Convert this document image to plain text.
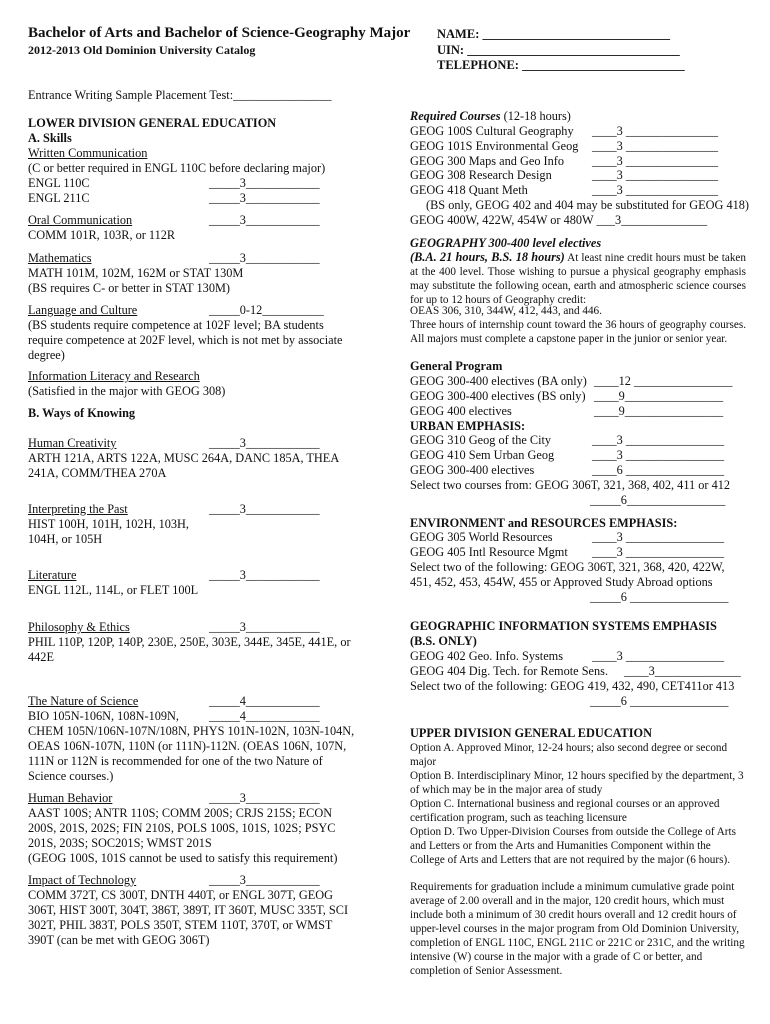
Bachelor of Arts and Bachelor of Science-Geography Major
2012-2013 Old Dominion University Catalog
NAME: ______________________________
UIN: __________________________________
TELEPHONE: __________________________
Entrance Writing Sample Placement Test:________________
LOWER DIVISION GENERAL EDUCATION
A. Skills
Written Communication
(C or better required in ENGL 110C before declaring major)
ENGL 110C	_____3____________
ENGL 211C	_____3____________
Oral Communication	_____3____________
COMM 101R, 103R, or 112R
Mathematics	_____3____________
MATH 101M, 102M, 162M or STAT 130M
(BS requires C- or better in STAT 130M)
Language and Culture	_____0-12__________
(BS students require competence at 102F level; BA students
require competence at 202F level, which is not met by associate
degree)
Information Literacy and Research
(Satisfied in the major with GEOG 308)
B. Ways of Knowing
Human Creativity	_____3____________
ARTH 121A, ARTS 122A, MUSC 264A, DANC 185A, THEA
241A, COMM/THEA 270A
Interpreting the Past	_____3____________
HIST 100H, 101H, 102H, 103H,
104H, or 105H
Literature	_____3____________
ENGL 112L, 114L, or FLET 100L
Philosophy & Ethics	_____3____________
PHIL 110P, 120P, 140P, 230E, 250E, 303E, 344E, 345E, 441E, or
442E
The Nature of Science	_____4____________
BIO 105N-106N, 108N-109N, _____4____________
CHEM 105N/106N-107N/108N, PHYS 101N-102N, 103N-104N,
OEAS 106N-107N, 110N (or 111N)-112N. (OEAS 106N, 107N,
111N or 112N is recommended for one of the two Nature of
Science courses.)
Human Behavior	_____3____________
AAST 100S; ANTR 110S; COMM 200S; CRJS 215S; ECON
200S, 201S, 202S; FIN 210S, POLS 100S, 101S, 102S; PSYC
201S, 203S; SOC201S; WMST 201S
(GEOG 100S, 101S cannot be used to satisfy this requirement)
Impact of Technology	_____3____________
COMM 372T, CS 300T, DNTH 440T, or ENGL 307T, GEOG
306T, HIST 300T, 304T, 386T, 389T, IT 360T, MUSC 335T, SCI
302T, PHIL 383T, POLS 350T, STEM 110T, 370T, or WMST
390T (can be met with GEOG 306T)
Required Courses (12-18 hours)
GEOG 100S Cultural Geography ____3 _______________
GEOG 101S Environmental Geog ____3 _______________
GEOG 300 Maps and Geo Info ____3 _______________
GEOG 308 Research Design	____3 _______________
GEOG 418 Quant Meth	____3 _______________
(BS only, GEOG 402 and 404 may be substituted for GEOG 418)
GEOG 400W, 422W, 454W or 480W ___3______________
GEOGRAPHY 300-400 level electives
(B.A. 21 hours, B.S. 18 hours) At least nine credit hours must be taken at the 400 level. Those wishing to pursue a physical geography emphasis may substitute the following ocean, earth and atmospheric science courses for up to 12 hours of Geography credit:
OEAS 306, 310, 344W, 412, 443, and 446.
Three hours of internship count toward the 36 hours of geography courses. All majors must complete a capstone paper in the junior or senior year.
General Program
GEOG 300-400 electives (BA only) ____12 ________________
GEOG 300-400 electives (BS only) ____9________________
GEOG 400 electives	____9________________
URBAN EMPHASIS:
GEOG 310 Geog of the City	____3 ________________
GEOG 410 Sem Urban Geog	____3 ________________
GEOG 300-400 electives	____6 ________________
Select two courses from: GEOG 306T, 321, 368, 402, 411 or 412
_____6________________
ENVIRONMENT and RESOURCES EMPHASIS:
GEOG 305 World Resources	____3 ________________
GEOG 405 Intl Resource Mgmt ____3 ________________
Select two of the following: GEOG 306T, 321, 368, 420, 422W,
451, 452, 453, 454W, 455 or Approved Study Abroad options
_____6 ________________
GEOGRAPHIC INFORMATION SYSTEMS EMPHASIS
(B.S. ONLY)
GEOG 402 Geo. Info. Systems ____3 ________________
GEOG 404 Dig. Tech. for Remote Sens. ____3______________
Select two of the following: GEOG 419, 432, 490, CET411or 413
_____6 ________________
UPPER DIVISION GENERAL EDUCATION
Option A. Approved Minor, 12-24 hours; also second degree or second major
Option B. Interdisciplinary Minor, 12 hours specified by the department, 3 of which may be in the major area of study
Option C. International business and regional courses or an approved certification program, such as teaching licensure
Option D. Two Upper-Division Courses from outside the College of Arts and Letters or from the Arts and Humanities Component within the College of Arts and Letters that are not required by the major (6 hours).
Requirements for graduation include a minimum cumulative grade point average of 2.00 overall and in the major, 120 credit hours, which must include both a minimum of 30 credit hours overall and 12 credit hours of upper-level courses in the major program from Old Dominion University, completion of ENGL 110C, ENGL 211C or 221C or 231C, and the writing intensive (W) course in the major with a grade of C or better, and completion of Senior Assessment.
